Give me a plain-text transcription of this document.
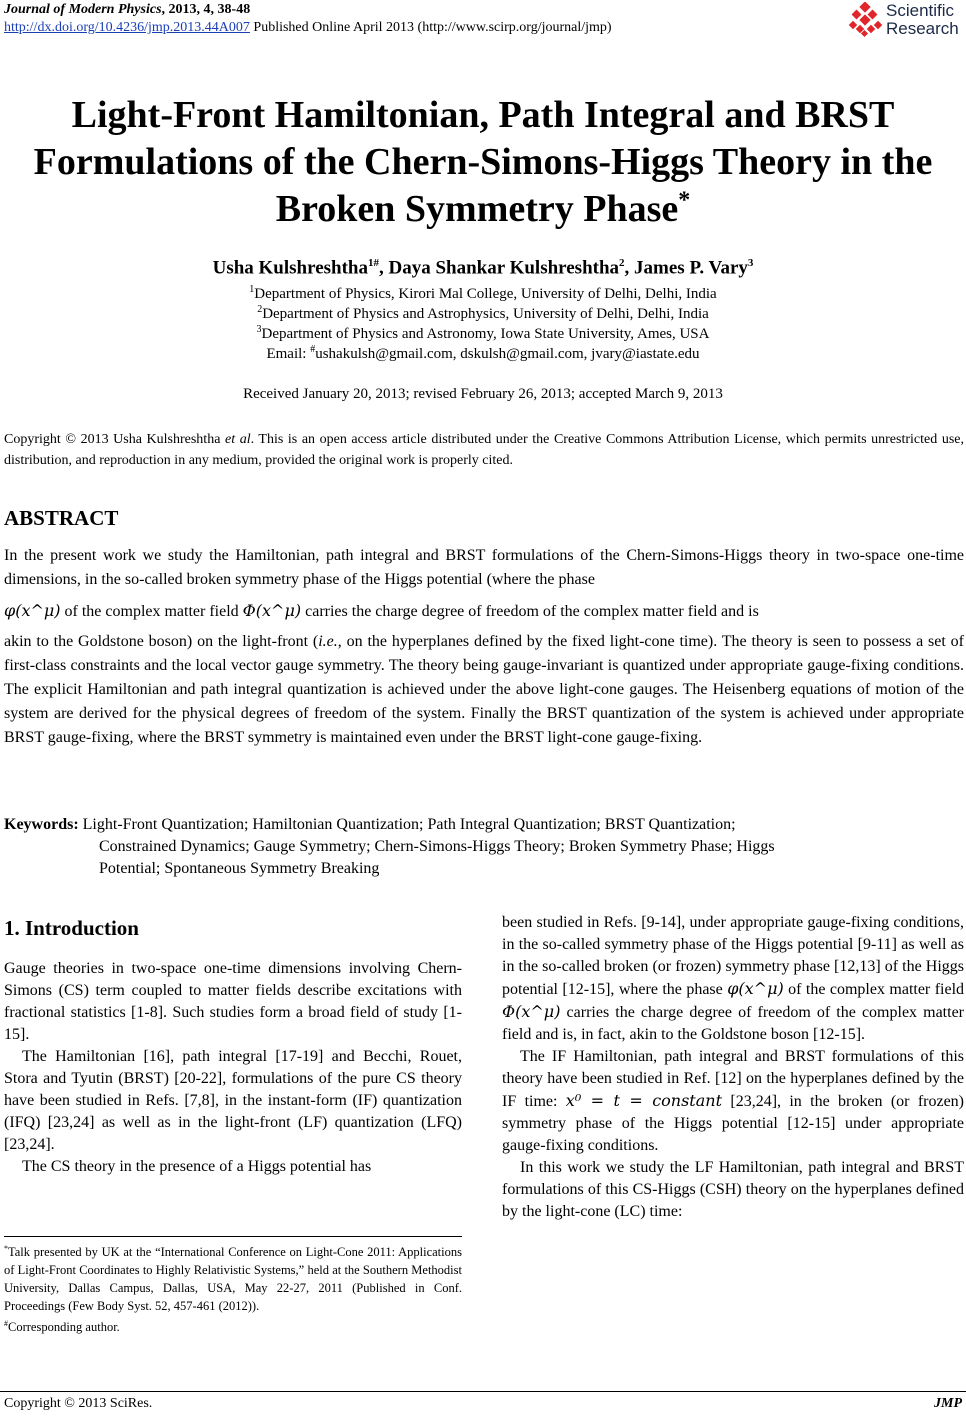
Journal of Modern Physics, 2013, 4, 38-48
http://dx.doi.org/10.4236/jmp.2013.44A007 Published Online April 2013 (http://www.scirp.org/journal/jmp)
Scientific
Research
Light-Front Hamiltonian, Path Integral and BRST
Formulations of the Chern-Simons-Higgs Theory in the
Broken Symmetry Phase*
Usha Kulshreshtha$^{1\#}$, Daya Shankar Kulshreshtha$^2$, James P. Vary$^3$
$^1$Department of Physics, Kirori Mal College, University of Delhi, Delhi, India
$^2$Department of Physics and Astrophysics, University of Delhi, Delhi, India
$^3$Department of Physics and Astronomy, Iowa State University, Ames, USA
Email: #ushakulsh@gmail.com, dskulsh@gmail.com, jvary@iastate.edu
Received January 20, 2013; revised February 26, 2013; accepted March 9, 2013
Copyright © 2013 Usha Kulshreshtha et al. This is an open access article distributed under the Creative Commons Attribution License, which permits unrestricted use, distribution, and reproduction in any medium, provided the original work is properly cited.
ABSTRACT
In the present work we study the Hamiltonian, path integral and BRST formulations of the Chern-Simons-Higgs theory in two-space one-time dimensions, in the so-called broken symmetry phase of the Higgs potential (where the phase
φ(x^μ) of the complex matter field Φ(x^μ) carries the charge degree of freedom of the complex matter field and is
akin to the Goldstone boson) on the light-front (i.e., on the hyperplanes defined by the fixed light-cone time). The theory is seen to possess a set of first-class constraints and the local vector gauge symmetry. The theory being gauge-invariant is quantized under appropriate gauge-fixing conditions. The explicit Hamiltonian and path integral quantization is achieved under the above light-cone gauges. The Heisenberg equations of motion of the system are derived for the physical degrees of freedom of the system. Finally the BRST quantization of the system is achieved under appropriate BRST gauge-fixing, where the BRST symmetry is maintained even under the BRST light-cone gauge-fixing.
Keywords: Light-Front Quantization; Hamiltonian Quantization; Path Integral Quantization; BRST Quantization;
Constrained Dynamics; Gauge Symmetry; Chern-Simons-Higgs Theory; Broken Symmetry Phase; Higgs
Potential; Spontaneous Symmetry Breaking
1. Introduction

Gauge theories in two-space one-time dimensions involving Chern-Simons (CS) term coupled to matter fields describe excitations with fractional statistics [1-8]. Such studies form a broad field of study [1-15].

The Hamiltonian [16], path integral [17-19] and Becchi, Rouet, Stora and Tyutin (BRST) [20-22], formulations of the pure CS theory have been studied in Refs. [7,8], in the instant-form (IF) quantization (IFQ) [23,24] as well as in the light-front (LF) quantization (LFQ) [23,24].

The CS theory in the presence of a Higgs potential has

been studied in Refs. [9-14], under appropriate gauge-fixing conditions, in the so-called symmetry phase of the Higgs potential [9-11] as well as in the so-called broken (or frozen) symmetry phase [12,13] of the Higgs potential [12-15], where the phase φ(x^μ) of the complex matter field Φ(x^μ) carries the charge degree of freedom of the complex matter field and is, in fact, akin to the Goldstone boson [12-15].

The IF Hamiltonian, path integral and BRST formulations of this theory have been studied in Ref. [12] on the hyperplanes defined by the IF time: x⁰ = t = constant [23,24], in the broken (or frozen) symmetry phase of the Higgs potential [12-15] under appropriate gauge-fixing conditions.

In this work we study the LF Hamiltonian, path integral and BRST formulations of this CS-Higgs (CSH) theory on the hyperplanes defined by the light-cone (LC) time:

*Talk presented by UK at the “International Conference on Light-Cone 2011: Applications of Light-Front Coordinates to Highly Relativistic Systems,” held at the Southern Methodist University, Dallas Campus, Dallas, USA, May 22-27, 2011 (Published in Conf. Proceedings (Few Body Syst. 52, 457-461 (2012)).
#Corresponding author.
Copyright © 2013 SciRes.	JMP
